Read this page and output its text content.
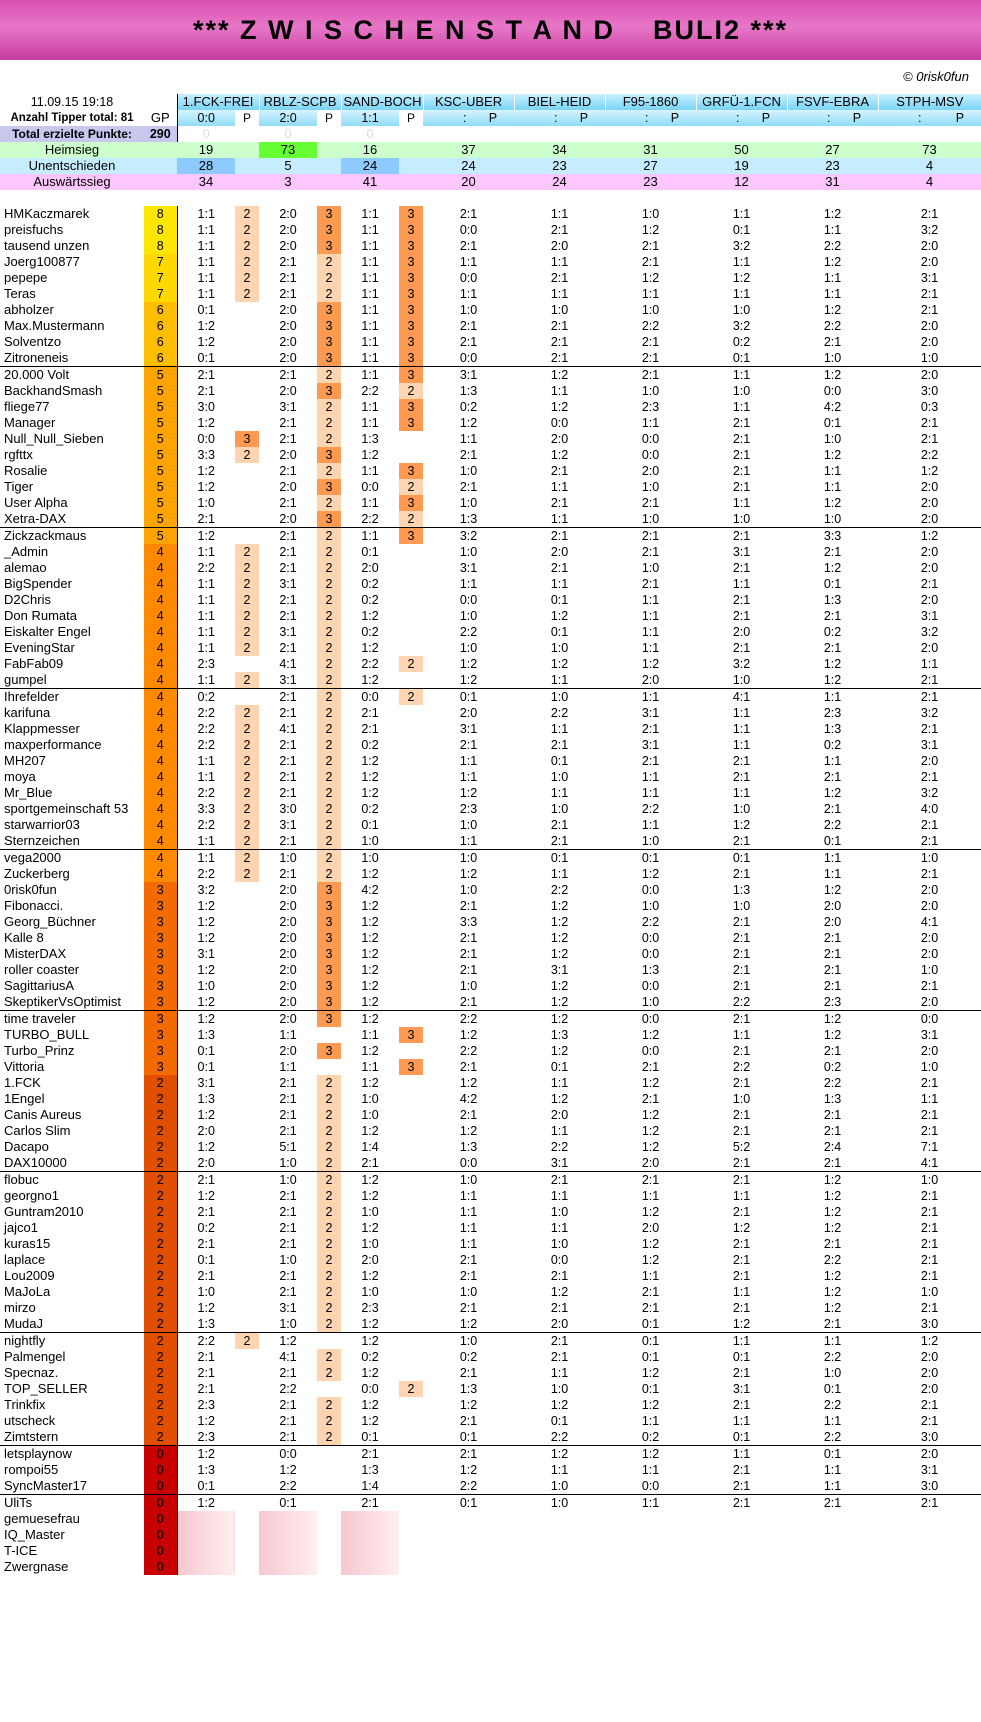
*** Z W I S C H E N S T A N D    BULI2 ***
© 0risk0fun
11.09.15 19:18		1.FCK-FREI		RBLZ-SCPB		SAND-BOCH		KSC-UBER	BIEL-HEID	F95-1860	GRFÜ-1.FCN	FSVF-EBRA	STPH-MSV
Anzahl Tipper total: 81	GP	0:0	P	2:0	P	1:1	P	: P	: P	: P	: P	: P	: P

Total erzielte Punkte:	290	0		0		0							
Heimsieg		19		73		16		37	34	31	50	27	73
Unentschieden		28		5		24		24	23	27	19	23	4
Auswärtssieg		34		3		41		20	24	23	12	31	4

HMKaczmarek	8	1:1	2	2:0	3	1:1	3	2:1	1:1	1:0	1:1	1:2	2:1
preisfuchs	8	1:1	2	2:0	3	1:1	3	0:0	2:1	1:2	0:1	1:1	3:2
tausend unzen	8	1:1	2	2:0	3	1:1	3	2:1	2:0	2:1	3:2	2:2	2:0
Joerg100877	7	1:1	2	2:1	2	1:1	3	1:1	1:1	2:1	1:1	1:2	2:0
pepepe	7	1:1	2	2:1	2	1:1	3	0:0	2:1	1:2	1:2	1:1	3:1
Teras	7	1:1	2	2:1	2	1:1	3	1:1	1:1	1:1	1:1	1:1	2:1
abholzer	6	0:1		2:0	3	1:1	3	1:0	1:0	1:0	1:0	1:2	2:1
Max.Mustermann	6	1:2		2:0	3	1:1	3	2:1	2:1	2:2	3:2	2:2	2:0
Solventzo	6	1:2		2:0	3	1:1	3	2:1	2:1	2:1	0:2	2:1	2:0
Zitroneneis	6	0:1		2:0	3	1:1	3	0:0	2:1	2:1	0:1	1:0	1:0
20.000 Volt	5	2:1		2:1	2	1:1	3	3:1	1:2	2:1	1:1	1:2	2:0
BackhandSmash	5	2:1		2:0	3	2:2	2	1:3	1:1	1:0	1:0	0:0	3:0
fliege77	5	3:0		3:1	2	1:1	3	0:2	1:2	2:3	1:1	4:2	0:3
Manager	5	1:2		2:1	2	1:1	3	1:2	0:0	1:1	2:1	0:1	2:1
Null_Null_Sieben	5	0:0	3	2:1	2	1:3		1:1	2:0	0:0	2:1	1:0	2:1
rgfttx	5	3:3	2	2:0	3	1:2		2:1	1:2	0:0	2:1	1:2	2:2
Rosalie	5	1:2		2:1	2	1:1	3	1:0	2:1	2:0	2:1	1:1	1:2
Tiger	5	1:2		2:0	3	0:0	2	2:1	1:1	1:0	2:1	1:1	2:0
User Alpha	5	1:0		2:1	2	1:1	3	1:0	2:1	2:1	1:1	1:2	2:0
Xetra-DAX	5	2:1		2:0	3	2:2	2	1:3	1:1	1:0	1:0	1:0	2:0
Zickzackmaus	5	1:2		2:1	2	1:1	3	3:2	2:1	2:1	2:1	3:3	1:2
_Admin	4	1:1	2	2:1	2	0:1		1:0	2:0	2:1	3:1	2:1	2:0
alemao	4	2:2	2	2:1	2	2:0		3:1	2:1	1:0	2:1	1:2	2:0
BigSpender	4	1:1	2	3:1	2	0:2		1:1	1:1	2:1	1:1	0:1	2:1
D2Chris	4	1:1	2	2:1	2	0:2		0:0	0:1	1:1	2:1	1:3	2:0
Don Rumata	4	1:1	2	2:1	2	1:2		1:0	1:2	1:1	2:1	2:1	3:1
Eiskalter Engel	4	1:1	2	3:1	2	0:2		2:2	0:1	1:1	2:0	0:2	3:2
EveningStar	4	1:1	2	2:1	2	1:2		1:0	1:0	1:1	2:1	2:1	2:0
FabFab09	4	2:3		4:1	2	2:2	2	1:2	1:2	1:2	3:2	1:2	1:1
gumpel	4	1:1	2	3:1	2	1:2		1:2	1:1	2:0	1:0	1:2	2:1
Ihrefelder	4	0:2		2:1	2	0:0	2	0:1	1:0	1:1	4:1	1:1	2:1
karifuna	4	2:2	2	2:1	2	2:1		2:0	2:2	3:1	1:1	2:3	3:2
Klappmesser	4	2:2	2	4:1	2	2:1		3:1	1:1	2:1	1:1	1:3	2:1
maxperformance	4	2:2	2	2:1	2	0:2		2:1	2:1	3:1	1:1	0:2	3:1
MH207	4	1:1	2	2:1	2	1:2		1:1	0:1	2:1	2:1	1:1	2:0
moya	4	1:1	2	2:1	2	1:2		1:1	1:0	1:1	2:1	2:1	2:1
Mr_Blue	4	2:2	2	2:1	2	1:2		1:2	1:1	1:1	1:1	1:2	3:2
sportgemeinschaft 53	4	3:3	2	3:0	2	0:2		2:3	1:0	2:2	1:0	2:1	4:0
starwarrior03	4	2:2	2	3:1	2	0:1		1:0	2:1	1:1	1:2	2:2	2:1
Sternzeichen	4	1:1	2	2:1	2	1:0		1:1	2:1	1:0	2:1	0:1	2:1
vega2000	4	1:1	2	1:0	2	1:0		1:0	0:1	0:1	0:1	1:1	1:0
Zuckerberg	4	2:2	2	2:1	2	1:2		1:2	1:1	1:2	2:1	1:1	2:1
0risk0fun	3	3:2		2:0	3	4:2		1:0	2:2	0:0	1:3	1:2	2:0
Fibonacci.	3	1:2		2:0	3	1:2		2:1	1:2	1:0	1:0	2:0	2:0
Georg_Büchner	3	1:2		2:0	3	1:2		3:3	1:2	2:2	2:1	2:0	4:1
Kalle 8	3	1:2		2:0	3	1:2		2:1	1:2	0:0	2:1	2:1	2:0
MisterDAX	3	3:1		2:0	3	1:2		2:1	1:2	0:0	2:1	2:1	2:0
roller coaster	3	1:2		2:0	3	1:2		2:1	3:1	1:3	2:1	2:1	1:0
SagittariusA	3	1:0		2:0	3	1:2		1:0	1:2	0:0	2:1	2:1	2:1
SkeptikerVsOptimist	3	1:2		2:0	3	1:2		2:1	1:2	1:0	2:2	2:3	2:0
time traveler	3	1:2		2:0	3	1:2		2:2	1:2	0:0	2:1	1:2	0:0
TURBO_BULL	3	1:3		1:1		1:1	3	1:2	1:3	1:2	1:1	1:2	3:1
Turbo_Prinz	3	0:1		2:0	3	1:2		2:2	1:2	0:0	2:1	2:1	2:0
Vittoria	3	0:1		1:1		1:1	3	2:1	0:1	2:1	2:2	0:2	1:0
1.FCK	2	3:1		2:1	2	1:2		1:2	1:1	1:2	2:1	2:2	2:1
1Engel	2	1:3		2:1	2	1:0		4:2	1:2	2:1	1:0	1:3	1:1
Canis Aureus	2	1:2		2:1	2	1:0		2:1	2:0	1:2	2:1	2:1	2:1
Carlos Slim	2	2:0		2:1	2	1:2		1:2	1:1	1:2	2:1	2:1	2:1
Dacapo	2	1:2		5:1	2	1:4		1:3	2:2	1:2	5:2	2:4	7:1
DAX10000	2	2:0		1:0	2	2:1		0:0	3:1	2:0	2:1	2:1	4:1
flobuc	2	2:1		1:0	2	1:2		1:0	2:1	2:1	2:1	1:2	1:0
georgno1	2	1:2		2:1	2	1:2		1:1	1:1	1:1	1:1	1:2	2:1
Guntram2010	2	2:1		2:1	2	1:0		1:1	1:0	1:2	2:1	1:2	2:1
jajco1	2	0:2		2:1	2	1:2		1:1	1:1	2:0	1:2	1:2	2:1
kuras15	2	2:1		2:1	2	1:0		1:1	1:0	1:2	2:1	2:1	2:1
laplace	2	0:1		1:0	2	2:0		2:1	0:0	1:2	2:1	2:2	2:1
Lou2009	2	2:1		2:1	2	1:2		2:1	2:1	1:1	2:1	1:2	2:1
MaJoLa	2	1:0		2:1	2	1:0		1:0	1:2	2:1	1:1	1:2	1:0
mirzo	2	1:2		3:1	2	2:3		2:1	2:1	2:1	2:1	1:2	2:1
MudaJ	2	1:3		1:0	2	1:2		1:2	2:0	0:1	1:2	2:1	3:0
nightfly	2	2:2	2	1:2		1:2		1:0	2:1	0:1	1:1	1:1	1:2
Palmengel	2	2:1		4:1	2	0:2		0:2	2:1	0:1	0:1	2:2	2:0
Specnaz.	2	2:1		2:1	2	1:2		2:1	1:1	1:2	2:1	1:0	2:0
TOP_SELLER	2	2:1		2:2		0:0	2	1:3	1:0	0:1	3:1	0:1	2:0
Trinkfix	2	2:3		2:1	2	1:2		1:2	1:2	1:2	2:1	2:2	2:1
utscheck	2	1:2		2:1	2	1:2		2:1	0:1	1:1	1:1	1:1	2:1
Zimtstern	2	2:3		2:1	2	0:1		0:1	2:2	0:2	0:1	2:2	3:0
letsplaynow	0	1:2		0:0		2:1		2:1	1:2	1:2	1:1	0:1	2:0
rompoi55	0	1:3		1:2		1:3		1:2	1:1	1:1	2:1	1:1	3:1
SyncMaster17	0	0:1		2:2		1:4		2:2	1:0	0:0	2:1	1:1	3:0
UliTs	0	1:2		0:1		2:1		0:1	1:0	1:1	2:1	2:1	2:1
gemuesefrau	0												
IQ_Master	0												
T-ICE	0												
Zwergnase	0												
